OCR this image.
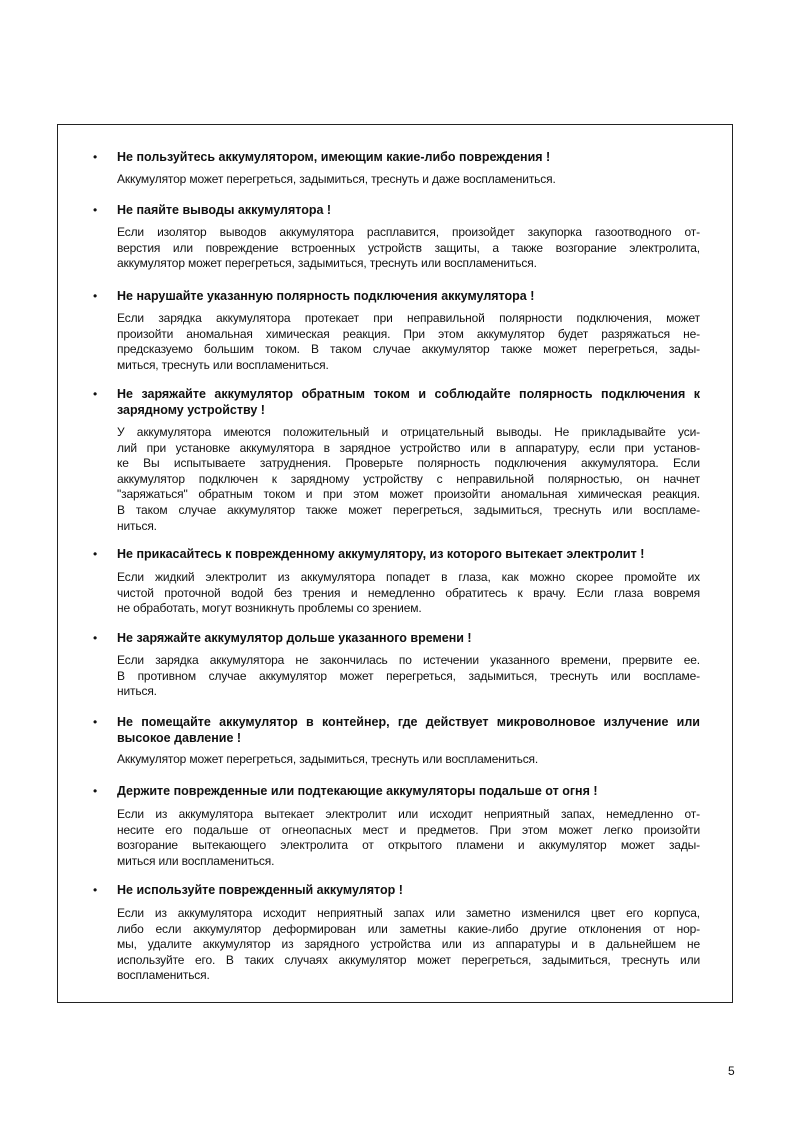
• Не пользуйтесь аккумулятором, имеющим какие-либо повреждения !
Аккумулятор может перегреться, задымиться, треснуть и даже воспламениться.
• Не паяйте выводы аккумулятора !
Если изолятор выводов аккумулятора расплавится, произойдет закупорка газоотводного от-
верстия или повреждение встроенных устройств защиты, а также возгорание электролита,
аккумулятор может перегреться, задымиться, треснуть или воспламениться.
• Не нарушайте указанную полярность подключения аккумулятора !
Если зарядка аккумулятора протекает при неправильной полярности подключения, может
произойти аномальная химическая реакция. При этом аккумулятор будет разряжаться не-
предсказуемо большим током. В таком случае аккумулятор также может перегреться, зады-
миться, треснуть или воспламениться.
• Не заряжайте аккумулятор обратным током и соблюдайте полярность подключения к
зарядному устройству !
У аккумулятора имеются положительный и отрицательный выводы. Не прикладывайте уси-
лий при установке аккумулятора в зарядное устройство или в аппаратуру, если при установ-
ке Вы испытываете затруднения. Проверьте полярность подключения аккумулятора. Если
аккумулятор подключен к зарядному устройству с неправильной полярностью, он начнет
"заряжаться" обратным током и при этом может произойти аномальная химическая реакция.
В таком случае аккумулятор также может перегреться, задымиться, треснуть или воспламе-
ниться.
• Не прикасайтесь к поврежденному аккумулятору, из которого вытекает электролит !
Если жидкий электролит из аккумулятора попадет в глаза, как можно скорее промойте их
чистой проточной водой без трения и немедленно обратитесь к врачу. Если глаза вовремя
не обработать, могут возникнуть проблемы со зрением.
• Не заряжайте аккумулятор дольше указанного времени !
Если зарядка аккумулятора не закончилась по истечении указанного времени, прервите ее.
В противном случае аккумулятор может перегреться, задымиться, треснуть или воспламе-
ниться.
• Не помещайте аккумулятор в контейнер, где действует микроволновое излучение или
высокое давление !
Аккумулятор может перегреться, задымиться, треснуть или воспламениться.
• Держите поврежденные или подтекающие аккумуляторы подальше от огня !
Если из аккумулятора вытекает электролит или исходит неприятный запах, немедленно от-
несите его подальше от огнеопасных мест и предметов. При этом может легко произойти
возгорание вытекающего электролита от открытого пламени и аккумулятор может зады-
миться или воспламениться.
• Не используйте поврежденный аккумулятор !
Если из аккумулятора исходит неприятный запах или заметно изменился цвет его корпуса,
либо если аккумулятор деформирован или заметны какие-либо другие отклонения от нор-
мы, удалите аккумулятор из зарядного устройства или из аппаратуры и в дальнейшем не
используйте его. В таких случаях аккумулятор может перегреться, задымиться, треснуть или
воспламениться.
5
